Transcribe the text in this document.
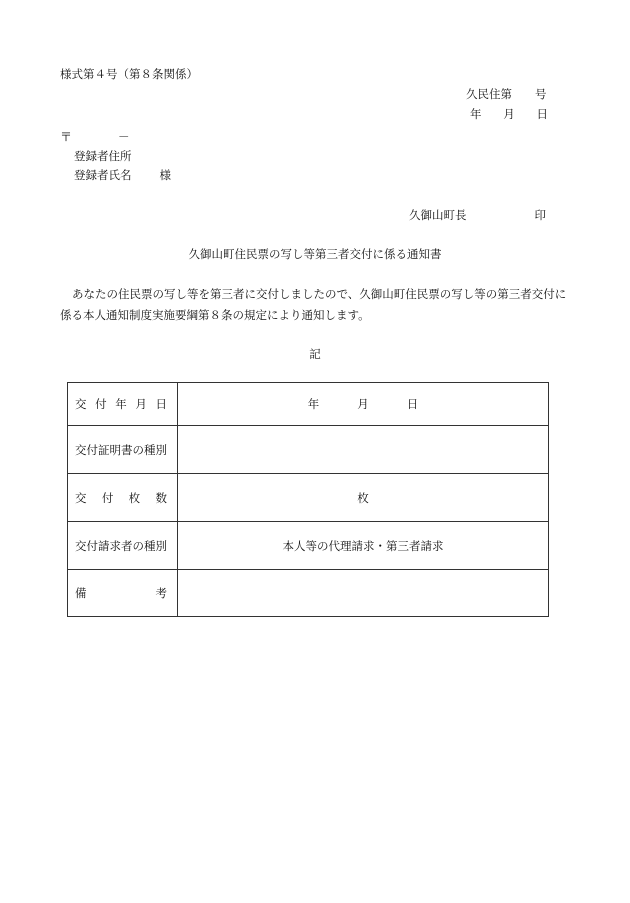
様式第４号（第８条関係）
久民住第　　号
年 月 日
〒	－
登録者住所
登録者氏名 様
久御山町長	印
久御山町住民票の写し等第三者交付に係る通知書
あなたの住民票の写し等を第三者に交付しましたので、久御山町住民票の写し等の第三者交付に
係る本人通知制度実施要綱第８条の規定により通知します。
記
交 付 年 月 日	年 月 日
交付証明書の種別	

交 付 枚 数	枚
交付請求者の種別	本人等の代理請求・第三者請求

備 考	
